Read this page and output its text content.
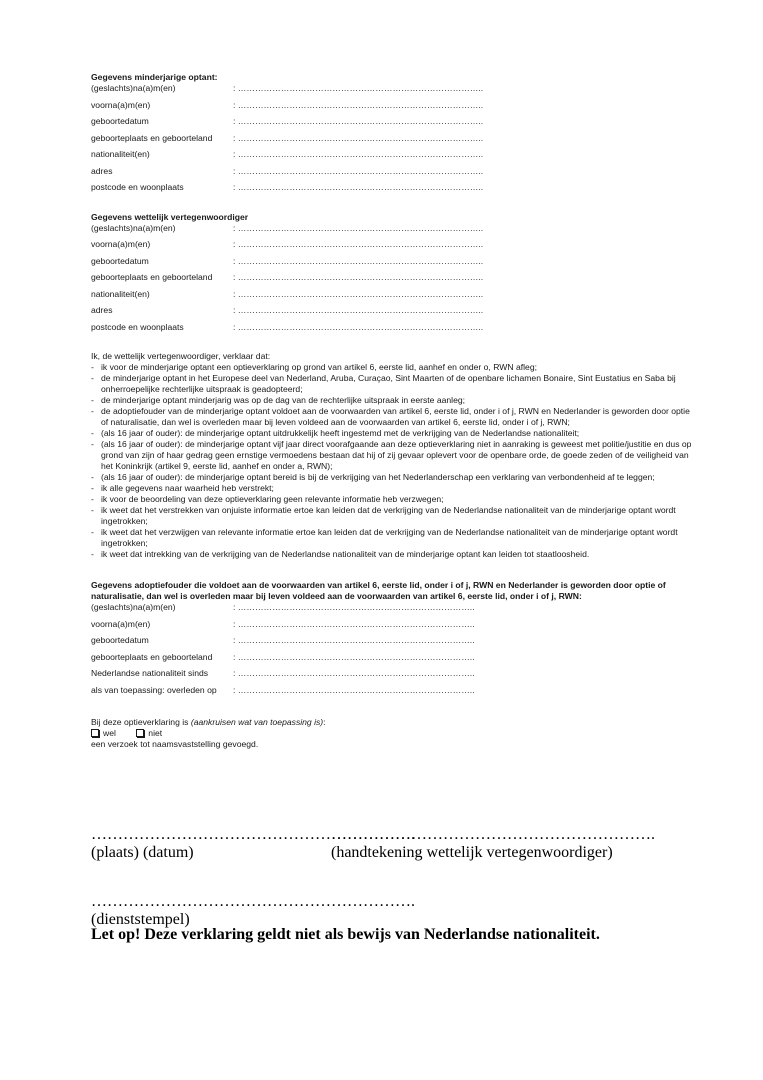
Gegevens minderjarige optant:

(geslachts)na(a)m(en)	: …………………………………………………………………………..
voorna(a)m(en)	: …………………………………………………………………………..
geboortedatum	: …………………………………………………………………………..
geboorteplaats en geboorteland	: …………………………………………………………………………..
nationaliteit(en)	: …………………………………………………………………………..
adres	: …………………………………………………………………………..
postcode en woonplaats	: …………………………………………………………………………..

Gegevens wettelijk vertegenwoordiger

(geslachts)na(a)m(en)	: …………………………………………………………………………..
voorna(a)m(en)	: …………………………………………………………………………..
geboortedatum	: …………………………………………………………………………..
geboorteplaats en geboorteland	: …………………………………………………………………………..
nationaliteit(en)	: …………………………………………………………………………..
adres	: …………………………………………………………………………..
postcode en woonplaats	: …………………………………………………………………………..
Ik, de wettelijk vertegenwoordiger, verklaar dat:
- ik voor de minderjarige optant een optieverklaring op grond van artikel 6, eerste lid, aanhef en onder o, RWN afleg;
- de minderjarige optant in het Europese deel van Nederland, Aruba, Curaçao, Sint Maarten of de openbare lichamen Bonaire, Sint Eustatius en Saba bij onherroepelijke rechterlijke uitspraak is geadopteerd;
- de minderjarige optant minderjarig was op de dag van de rechterlijke uitspraak in eerste aanleg;
- de adoptiefouder van de minderjarige optant voldoet aan de voorwaarden van artikel 6, eerste lid, onder i of j, RWN en Nederlander is geworden door optie of naturalisatie, dan wel is overleden maar bij leven voldeed aan de voorwaarden van artikel 6, eerste lid, onder i of j, RWN;
- (als 16 jaar of ouder): de minderjarige optant uitdrukkelijk heeft ingestemd met de verkrijging van de Nederlandse nationaliteit;
- (als 16 jaar of ouder): de minderjarige optant vijf jaar direct voorafgaande aan deze optieverklaring niet in aanraking is geweest met politie/justitie en dus op grond van zijn of haar gedrag geen ernstige vermoedens bestaan dat hij of zij gevaar oplevert voor de openbare orde, de goede zeden of de veiligheid van het Koninkrijk (artikel 9, eerste lid, aanhef en onder a, RWN);
- (als 16 jaar of ouder): de minderjarige optant bereid is bij de verkrijging van het Nederlanderschap een verklaring van verbondenheid af te leggen;
- ik alle gegevens naar waarheid heb verstrekt;
- ik voor de beoordeling van deze optieverklaring geen relevante informatie heb verzwegen;
- ik weet dat het verstrekken van onjuiste informatie ertoe kan leiden dat de verkrijging van de Nederlandse nationaliteit van de minderjarige optant wordt ingetrokken;
- ik weet dat het verzwijgen van relevante informatie ertoe kan leiden dat de verkrijging van de Nederlandse nationaliteit van de minderjarige optant wordt ingetrokken;
- ik weet dat intrekking van de verkrijging van de Nederlandse nationaliteit van de minderjarige optant kan leiden tot staatloosheid.

Gegevens adoptiefouder die voldoet aan de voorwaarden van artikel 6, eerste lid, onder i of j, RWN en Nederlander is geworden door optie of naturalisatie, dan wel is overleden maar bij leven voldeed aan de voorwaarden van artikel 6, eerste lid, onder i of j, RWN:

(geslachts)na(a)m(en)	: ………………………………………………………………………..
voorna(a)m(en)	: ………………………………………………………………………..
geboortedatum	: ………………………………………………………………………..
geboorteplaats en geboorteland	: ………………………………………………………………………..
Nederlandse nationaliteit sinds	: ………………………………………………………………………..
als van toepassing: overleden op	: ………………………………………………………………………..
Bij deze optieverklaring is (aankruisen wat van toepassing is):
wel	niet
een verzoek tot naamsvaststelling gevoegd.
…………………………………………………….
(plaats) (datum)
…………………………………………………….
(handtekening wettelijk vertegenwoordiger)
…………………………………………………….
(dienststempel)
Let op! Deze verklaring geldt niet als bewijs van Nederlandse nationaliteit.
